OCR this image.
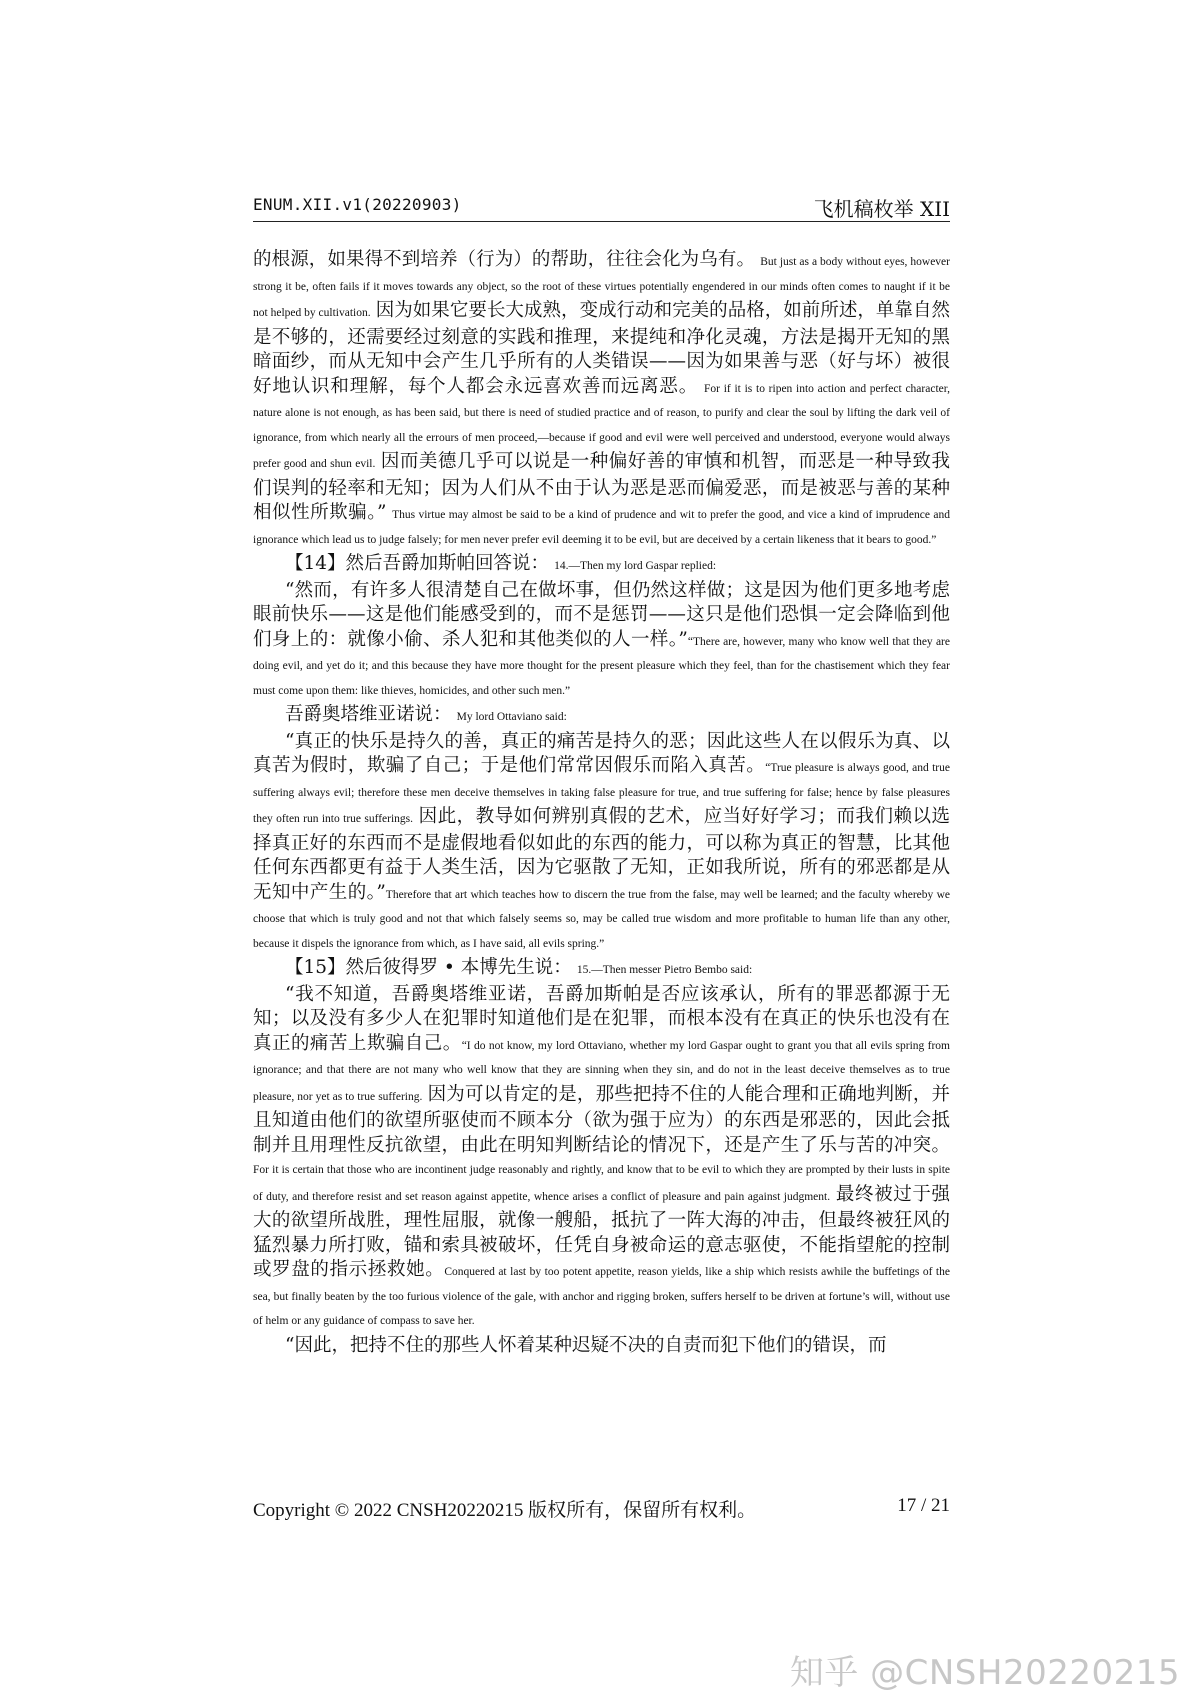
ENUM.XII.v1(20220903)	飞机稿枚举 XII

的根源，如果得不到培养（行为）的帮助，往往会化为乌有。 But just as a body without eyes, however strong it be, often fails if it moves towards any object, so the root of these virtues potentially engendered in our minds often comes to naught if it be not helped by cultivation. 因为如果它要长大成熟，变成行动和完美的品格，如前所述，单靠自然是不够的，还需要经过刻意的实践和推理，来提纯和净化灵魂，方法是揭开无知的黑暗面纱，而从无知中会产生几乎所有的人类错误——因为如果善与恶（好与坏）被很好地认识和理解，每个人都会永远喜欢善而远离恶。 For if it is to ripen into action and perfect character, nature alone is not enough, as has been said, but there is need of studied practice and of reason, to purify and clear the soul by lifting the dark veil of ignorance, from which nearly all the errours of men proceed,—because if good and evil were well perceived and understood, everyone would always prefer good and shun evil. 因而美德几乎可以说是一种偏好善的审慎和机智，而恶是一种导致我们误判的轻率和无知；因为人们从不由于认为恶是恶而偏爱恶，而是被恶与善的某种相似性所欺骗。” Thus virtue may almost be said to be a kind of prudence and wit to prefer the good, and vice a kind of imprudence and ignorance which lead us to judge falsely; for men never prefer evil deeming it to be evil, but are deceived by a certain likeness that it bears to good.”

【14】然后吾爵加斯帕回答说： 14.—Then my lord Gaspar replied:

“然而，有许多人很清楚自己在做坏事，但仍然这样做；这是因为他们更多地考虑眼前快乐——这是他们能感受到的，而不是惩罚——这只是他们恐惧一定会降临到他们身上的：就像小偷、杀人犯和其他类似的人一样。”“There are, however, many who know well that they are doing evil, and yet do it; and this because they have more thought for the present pleasure which they feel, than for the chastisement which they fear must come upon them: like thieves, homicides, and other such men.”

吾爵奥塔维亚诺说： My lord Ottaviano said:

“真正的快乐是持久的善，真正的痛苦是持久的恶；因此这些人在以假乐为真、以真苦为假时，欺骗了自己；于是他们常常因假乐而陷入真苦。“True pleasure is always good, and true suffering always evil; therefore these men deceive themselves in taking false pleasure for true, and true suffering for false; hence by false pleasures they often run into true sufferings. 因此，教导如何辨别真假的艺术，应当好好学习；而我们赖以选择真正好的东西而不是虚假地看似如此的东西的能力，可以称为真正的智慧，比其他任何东西都更有益于人类生活，因为它驱散了无知，正如我所说，所有的邪恶都是从无知中产生的。”Therefore that art which teaches how to discern the true from the false, may well be learned; and the faculty whereby we choose that which is truly good and not that which falsely seems so, may be called true wisdom and more profitable to human life than any other, because it dispels the ignorance from which, as I have said, all evils spring.”

【15】然后彼得罗 • 本博先生说： 15.—Then messer Pietro Bembo said:

“我不知道，吾爵奥塔维亚诺，吾爵加斯帕是否应该承认，所有的罪恶都源于无知；以及没有多少人在犯罪时知道他们是在犯罪，而根本没有在真正的快乐也没有在真正的痛苦上欺骗自己。“I do not know, my lord Ottaviano, whether my lord Gaspar ought to grant you that all evils spring from ignorance; and that there are not many who well know that they are sinning when they sin, and do not in the least deceive themselves as to true pleasure, nor yet as to true suffering. 因为可以肯定的是，那些把持不住的人能合理和正确地判断，并且知道由他们的欲望所驱使而不顾本分（欲为强于应为）的东西是邪恶的，因此会抵制并且用理性反抗欲望，由此在明知判断结论的情况下，还是产生了乐与苦的冲突。For it is certain that those who are incontinent judge reasonably and rightly, and know that to be evil to which they are prompted by their lusts in spite of duty, and therefore resist and set reason against appetite, whence arises a conflict of pleasure and pain against judgment. 最终被过于强大的欲望所战胜，理性屈服，就像一艘船，抵抗了一阵大海的冲击，但最终被狂风的猛烈暴力所打败，锚和索具被破坏，任凭自身被命运的意志驱使，不能指望舵的控制或罗盘的指示拯救她。Conquered at last by too potent appetite, reason yields, like a ship which resists awhile the buffetings of the sea, but finally beaten by the too furious violence of the gale, with anchor and rigging broken, suffers herself to be driven at fortune’s will, without use of helm or any guidance of compass to save her.

“因此，把持不住的那些人怀着某种迟疑不决的自责而犯下他们的错误，而

Copyright © 2022 CNSH20220215 版权所有，保留所有权利。	17 / 21
知乎 @CNSH20220215
